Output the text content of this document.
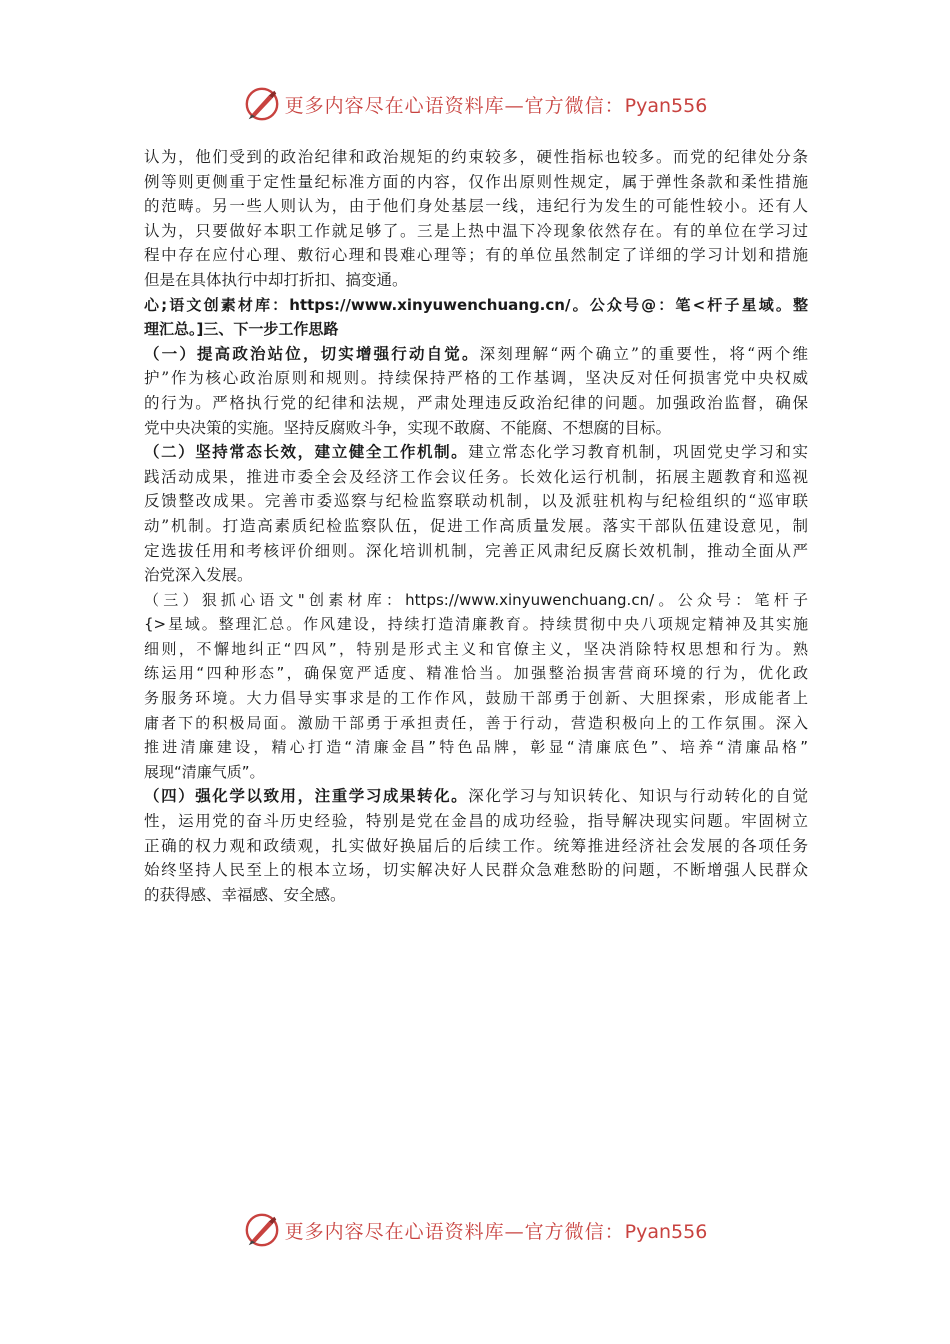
更多内容尽在心语资料库—官方微信：Pyan556
认为，他们受到的政治纪律和政治规矩的约束较多，硬性指标也较多。而党的纪律处分条
例等则更侧重于定性量纪标准方面的内容，仅作出原则性规定，属于弹性条款和柔性措施
的范畴。另一些人则认为，由于他们身处基层一线，违纪行为发生的可能性较小。还有人
认为，只要做好本职工作就足够了。三是上热中温下冷现象依然存在。有的单位在学习过
程中存在应付心理、敷衍心理和畏难心理等；有的单位虽然制定了详细的学习计划和措施
但是在具体执行中却打折扣、搞变通。
心;语文创素材库：https://www.xinyuwenchuang.cn/。公众号@：笔<杆子星域。整
理汇总。]三、下一步工作思路
（一）提高政治站位，切实增强行动自觉。深刻理解“两个确立”的重要性，将“两个维
护”作为核心政治原则和规则。持续保持严格的工作基调，坚决反对任何损害党中央权威
的行为。严格执行党的纪律和法规，严肃处理违反政治纪律的问题。加强政治监督，确保
党中央决策的实施。坚持反腐败斗争，实现不敢腐、不能腐、不想腐的目标。
（二）坚持常态长效，建立健全工作机制。建立常态化学习教育机制，巩固党史学习和实
践活动成果，推进市委全会及经济工作会议任务。长效化运行机制，拓展主题教育和巡视
反馈整改成果。完善市委巡察与纪检监察联动机制，以及派驻机构与纪检组织的“巡审联
动”机制。打造高素质纪检监察队伍，促进工作高质量发展。落实干部队伍建设意见，制
定选拔任用和考核评价细则。深化培训机制，完善正风肃纪反腐长效机制，推动全面从严
治党深入发展。
（三）狠抓心语文"创素材库：https://www.xinyuwenchuang.cn/。公众号：笔杆子
{>星域。整理汇总。作风建设，持续打造清廉教育。持续贯彻中央八项规定精神及其实施
细则，不懈地纠正“四风”，特别是形式主义和官僚主义，坚决消除特权思想和行为。熟
练运用“四种形态”，确保宽严适度、精准恰当。加强整治损害营商环境的行为，优化政
务服务环境。大力倡导实事求是的工作作风，鼓励干部勇于创新、大胆探索，形成能者上
庸者下的积极局面。激励干部勇于承担责任，善于行动，营造积极向上的工作氛围。深入
推进清廉建设，精心打造“清廉金昌”特色品牌，彰显“清廉底色”、培养“清廉品格”
展现“清廉气质”。
（四）强化学以致用，注重学习成果转化。深化学习与知识转化、知识与行动转化的自觉
性，运用党的奋斗历史经验，特别是党在金昌的成功经验，指导解决现实问题。牢固树立
正确的权力观和政绩观，扎实做好换届后的后续工作。统筹推进经济社会发展的各项任务
始终坚持人民至上的根本立场，切实解决好人民群众急难愁盼的问题，不断增强人民群众
的获得感、幸福感、安全感。
更多内容尽在心语资料库—官方微信：Pyan556
